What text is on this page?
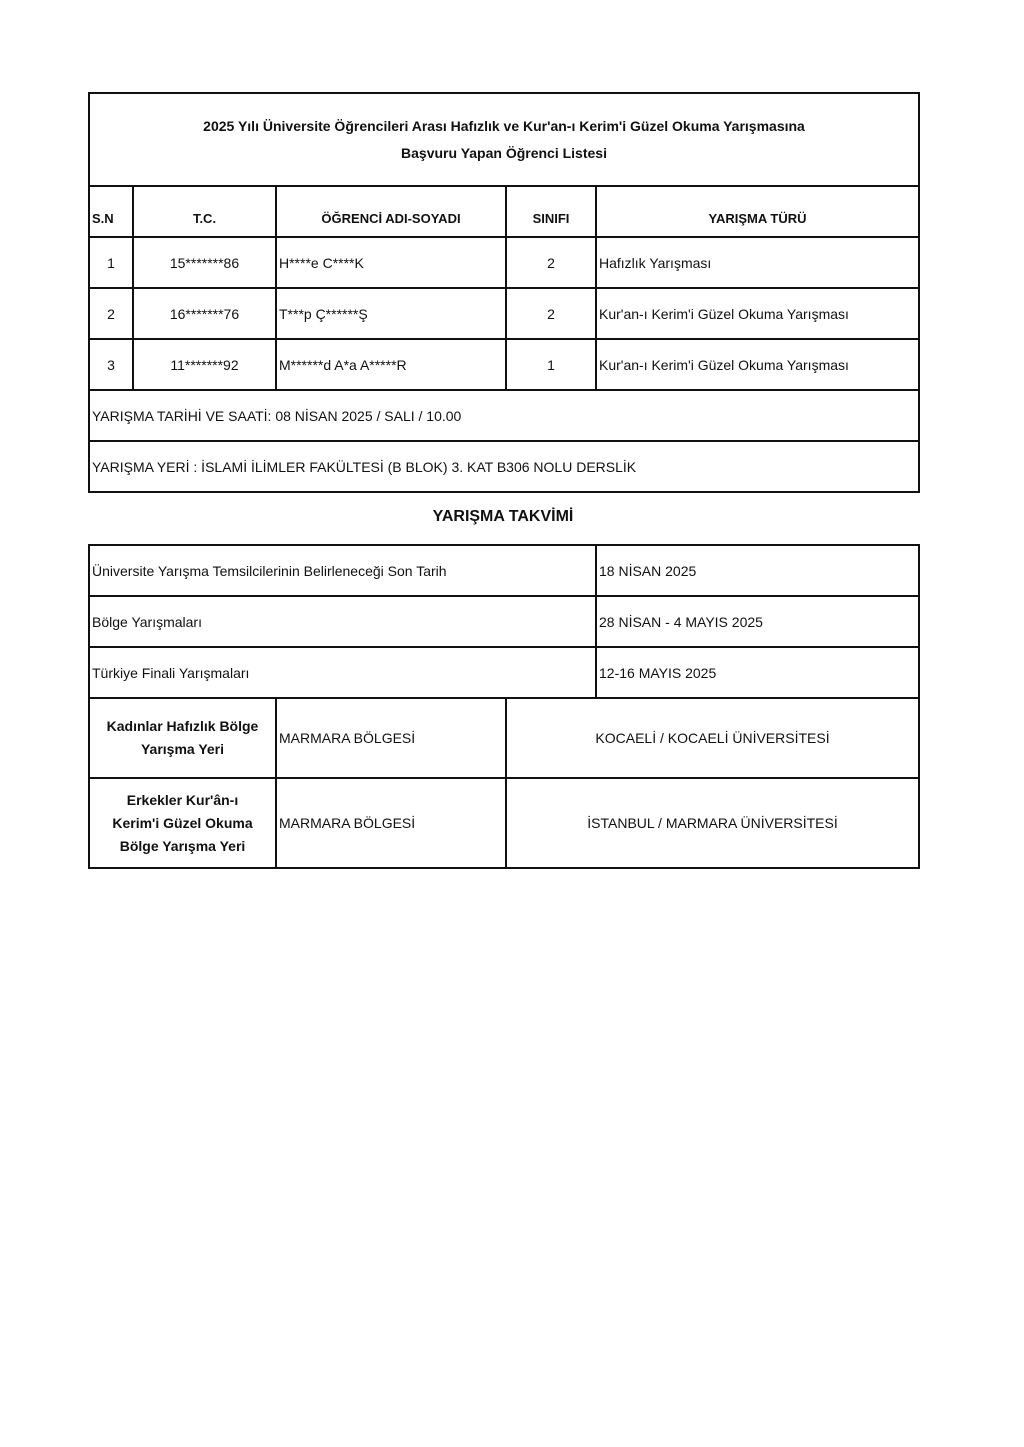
2025 Yılı Üniversite Öğrencileri Arası Hafızlık ve Kur'an-ı Kerim'i Güzel Okuma Yarışmasına
Başvuru Yapan Öğrenci Listesi				

S.N	T.C.	ÖĞRENCİ ADI-SOYADI	SINIFI	YARIŞMA TÜRÜ
1	15*******86	H****e C****K	2	Hafızlık Yarışması
2	16*******76	T***p Ç******Ş	2	Kur'an-ı Kerim'i Güzel Okuma Yarışması
3	11*******92	M******d A*a A*****R	1	Kur'an-ı Kerim'i Güzel Okuma Yarışması
YARIŞMA TARİHİ VE SAATİ: 08 NİSAN 2025 / SALI / 10.00				
YARIŞMA YERİ : İSLAMİ İLİMLER FAKÜLTESİ (B BLOK) 3. KAT B306 NOLU DERSLİK				
YARIŞMA TAKVİMİ
Üniversite Yarışma Temsilcilerinin Belirleneceği Son Tarih			18 NİSAN 2025
Bölge Yarışmaları			28 NİSAN - 4 MAYIS 2025
Türkiye Finali Yarışmaları			12-16 MAYIS 2025

Kadınlar Hafızlık Bölge
Yarışma Yeri	MARMARA BÖLGESİ	KOCAELİ / KOCAELİ ÜNİVERSİTESİ	

Erkekler Kur'ân-ı
Kerim'i Güzel Okuma
Bölge Yarışma Yeri	MARMARA BÖLGESİ	İSTANBUL / MARMARA ÜNİVERSİTESİ	
